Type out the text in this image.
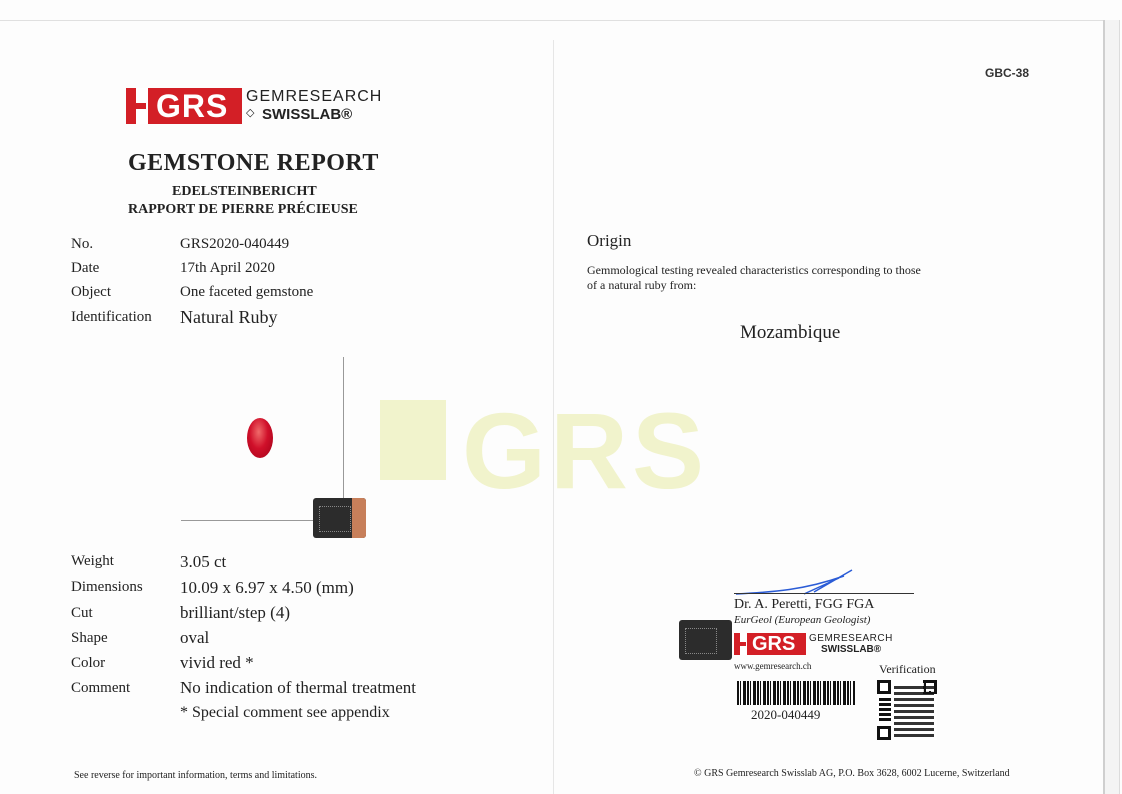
GBC-38
GRS
GRS GEMRESEARCH
◇ SWISSLAB®
GEMSTONE REPORT
EDELSTEINBERICHT
RAPPORT DE PIERRE PRÉCIEUSE
No.	GRS2020-040449
Date	17th April 2020
Object	One faceted gemstone
Identification Natural Ruby
Weight	3.05 ct
Dimensions 10.09 x 6.97 x 4.50 (mm)
Cut	brilliant/step (4)
Shape	oval
Color	vivid red *
Comment	No indication of thermal treatment
* Special comment see appendix
See reverse for important information, terms and limitations.
Origin
Gemmological testing revealed characteristics corresponding to those
of a natural ruby from:
Mozambique
Dr. A. Peretti, FGG FGA
EurGeol (European Geologist)
GRS GEMRESEARCH
SWISSLAB®
www.gemresearch.ch	Verification
2020-040449
© GRS Gemresearch Swisslab AG, P.O. Box 3628, 6002 Lucerne, Switzerland
